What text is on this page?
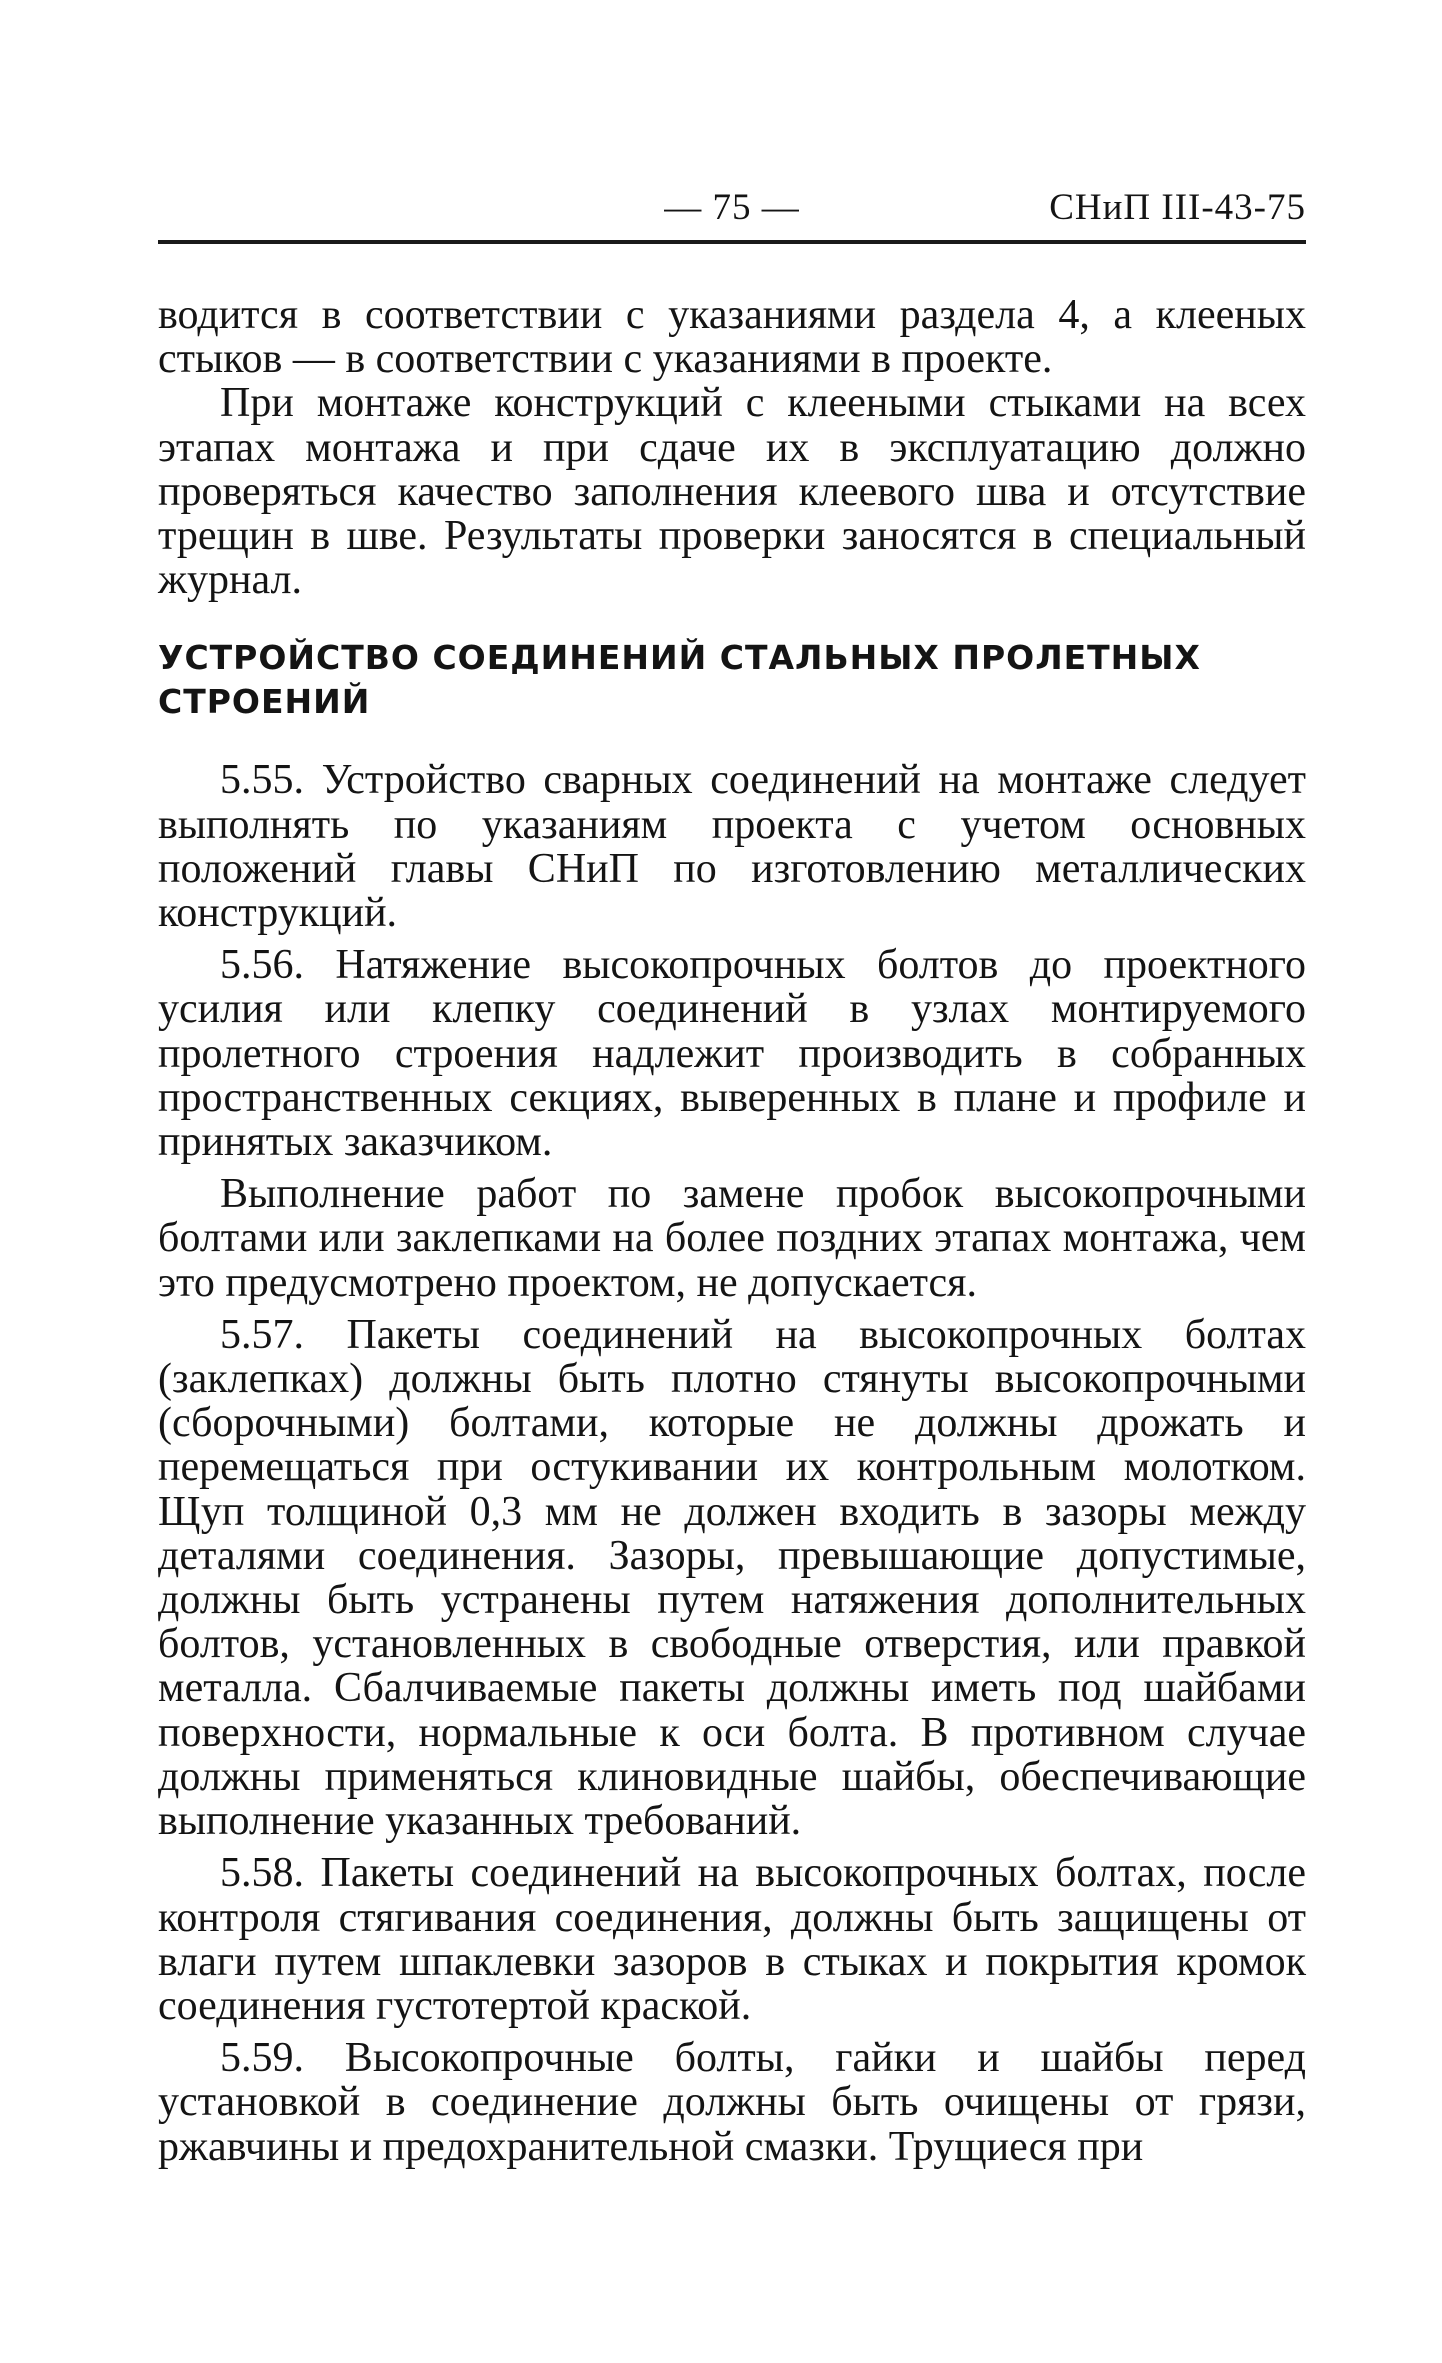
— 75 —	СНиП III-43-75

водится в соответствии с указаниями раздела 4, а клееных стыков — в соответствии с указаниями в проекте.

При монтаже конструкций с клееными стыками на всех этапах монтажа и при сдаче их в эксплуатацию должно проверяться качество заполнения клеевого шва и отсутствие трещин в шве. Результаты проверки заносятся в специальный журнал.

УСТРОЙСТВО СОЕДИНЕНИЙ СТАЛЬНЫХ ПРОЛЕТНЫХ СТРОЕНИЙ

5.55. Устройство сварных соединений на монтаже следует выполнять по указаниям проекта с учетом основных положений главы СНиП по изготовлению металлических конструкций.

5.56. Натяжение высокопрочных болтов до проектного усилия или клепку соединений в узлах монтируемого пролетного строения надлежит производить в собранных пространственных секциях, выверенных в плане и профиле и принятых заказчиком.

Выполнение работ по замене пробок высокопрочными болтами или заклепками на более поздних этапах монтажа, чем это предусмотрено проектом, не допускается.

5.57. Пакеты соединений на высокопрочных болтах (заклепках) должны быть плотно стянуты высокопрочными (сборочными) болтами, которые не должны дрожать и перемещаться при остукивании их контрольным молотком. Щуп толщиной 0,3 мм не должен входить в зазоры между деталями соединения. Зазоры, превышающие допустимые, должны быть устранены путем натяжения дополнительных болтов, установленных в свободные отверстия, или правкой металла. Сбалчиваемые пакеты должны иметь под шайбами поверхности, нормальные к оси болта. В противном случае должны применяться клиновидные шайбы, обеспечивающие выполнение указанных требований.

5.58. Пакеты соединений на высокопрочных болтах, после контроля стягивания соединения, должны быть защищены от влаги путем шпаклевки зазоров в стыках и покрытия кромок соединения густотертой краской.

5.59. Высокопрочные болты, гайки и шайбы перед установкой в соединение должны быть очищены от грязи, ржавчины и предохранительной смазки. Трущиеся при
